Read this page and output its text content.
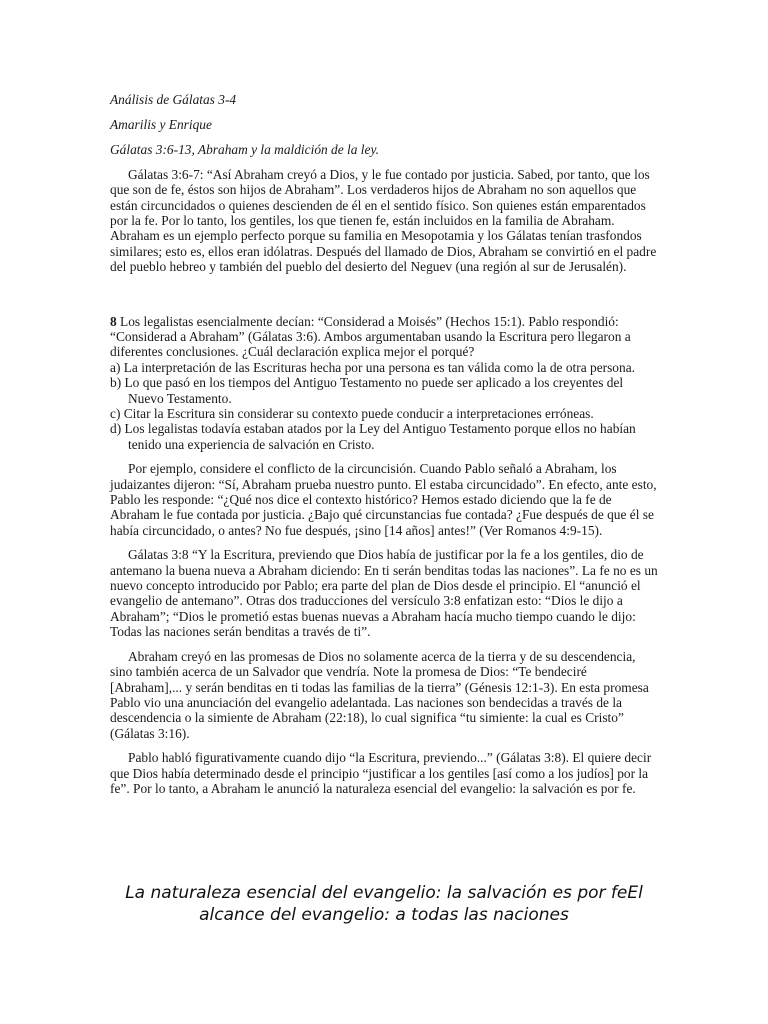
Análisis de Gálatas 3-4

Amarilis y Enrique

Gálatas 3:6-13, Abraham y la maldición de la ley.

Gálatas 3:6-7: “Así Abraham creyó a Dios, y le fue contado por justicia. Sabed, por tanto, que los que son de fe, éstos son hijos de Abraham”. Los verdaderos hijos de Abraham no son aquellos que están circuncidados o quienes descienden de él en el sentido físico. Son quienes están emparentados por la fe. Por lo tanto, los gentiles, los que tienen fe, están incluidos en la familia de Abraham. Abraham es un ejemplo perfecto porque su familia en Mesopotamia y los Gálatas tenían trasfondos similares; esto es, ellos eran idólatras. Después del llamado de Dios, Abraham se convirtió en el padre del pueblo hebreo y también del pueblo del desierto del Neguev (una región al sur de Jerusalén).

8 Los legalistas esencialmente decían: “Considerad a Moisés” (Hechos 15:1). Pablo respondió: “Considerad a Abraham” (Gálatas 3:6). Ambos argumentaban usando la Escritura pero llegaron a diferentes conclusiones. ¿Cuál declaración explica mejor el porqué?

a) La interpretación de las Escrituras hecha por una persona es tan válida como la de otra persona.

b) Lo que pasó en los tiempos del Antiguo Testamento no puede ser aplicado a los creyentes del Nuevo Testamento.

c) Citar la Escritura sin considerar su contexto puede conducir a interpretaciones erróneas.

d) Los legalistas todavía estaban atados por la Ley del Antiguo Testamento porque ellos no habían tenido una experiencia de salvación en Cristo.

Por ejemplo, considere el conflicto de la circuncisión. Cuando Pablo señaló a Abraham, los judaizantes dijeron: “Sí, Abraham prueba nuestro punto. El estaba circuncidado”. En efecto, ante esto, Pablo les responde: “¿Qué nos dice el contexto histórico? Hemos estado diciendo que la fe de Abraham le fue contada por justicia. ¿Bajo qué circunstancias fue contada? ¿Fue después de que él se había circuncidado, o antes? No fue después, ¡sino [14 años] antes!” (Ver Romanos 4:9-15).

Gálatas 3:8 “Y la Escritura, previendo que Dios había de justificar por la fe a los gentiles, dio de antemano la buena nueva a Abraham diciendo: En ti serán benditas todas las naciones”. La fe no es un nuevo concepto introducido por Pablo; era parte del plan de Dios desde el principio. El “anunció el evangelio de antemano”. Otras dos traducciones del versículo 3:8 enfatizan esto: “Dios le dijo a Abraham”; “Dios le prometió estas buenas nuevas a Abraham hacía mucho tiempo cuando le dijo: Todas las naciones serán benditas a través de ti”.

Abraham creyó en las promesas de Dios no solamente acerca de la tierra y de su descendencia, sino también acerca de un Salvador que vendría. Note la promesa de Dios: “Te bendeciré [Abraham],... y serán benditas en ti todas las familias de la tierra” (Génesis 12:1-3). En esta promesa Pablo vio una anunciación del evangelio adelantada. Las naciones son bendecidas a través de la descendencia o la simiente de Abraham (22:18), lo cual significa “tu simiente: la cual es Cristo” (Gálatas 3:16).

Pablo habló figurativamente cuando dijo “la Escritura, previendo...” (Gálatas 3:8). El quiere decir que Dios había determinado desde el principio “justificar a los gentiles [así como a los judíos] por la fe”. Por lo tanto, a Abraham le anunció la naturaleza esencial del evangelio: la salvación es por fe.

La naturaleza esencial del evangelio: la salvación es por feEl
alcance del evangelio: a todas las naciones
